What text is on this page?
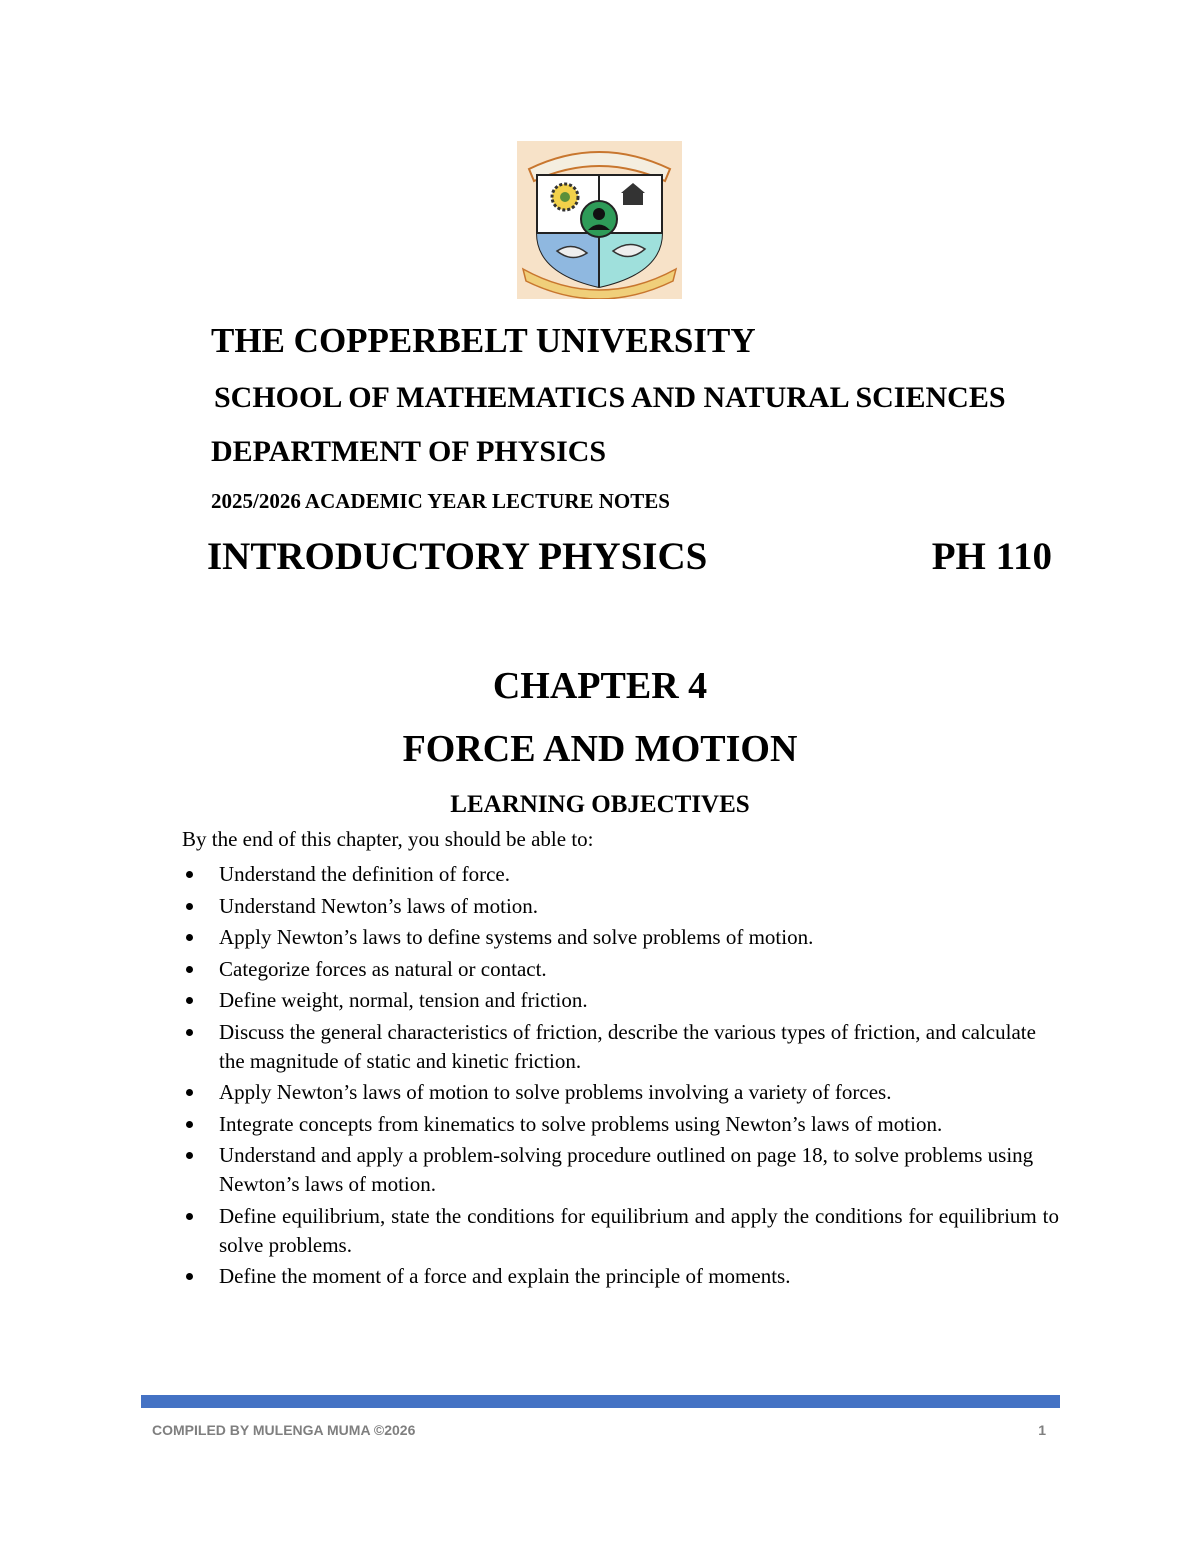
THE COPPERBELT UNIVERSITY
SCHOOL OF MATHEMATICS AND NATURAL SCIENCES
DEPARTMENT OF PHYSICS
2025/2026 ACADEMIC YEAR LECTURE NOTES
INTRODUCTORY PHYSICS	PH 110
CHAPTER 4
FORCE AND MOTION
LEARNING OBJECTIVES
By the end of this chapter, you should be able to:
Understand the definition of force.
Understand Newton’s laws of motion.
Apply Newton’s laws to define systems and solve problems of motion.
Categorize forces as natural or contact.
Define weight, normal, tension and friction.
Discuss the general characteristics of friction, describe the various types of friction, and calculate the magnitude of static and kinetic friction.
Apply Newton’s laws of motion to solve problems involving a variety of forces.
Integrate concepts from kinematics to solve problems using Newton’s laws of motion.
Understand and apply a problem-solving procedure outlined on page 18, to solve problems using Newton’s laws of motion.
Define equilibrium, state the conditions for equilibrium and apply the conditions for equilibrium to solve problems.
Define the moment of a force and explain the principle of moments.
COMPILED BY MULENGA MUMA ©2026	1
